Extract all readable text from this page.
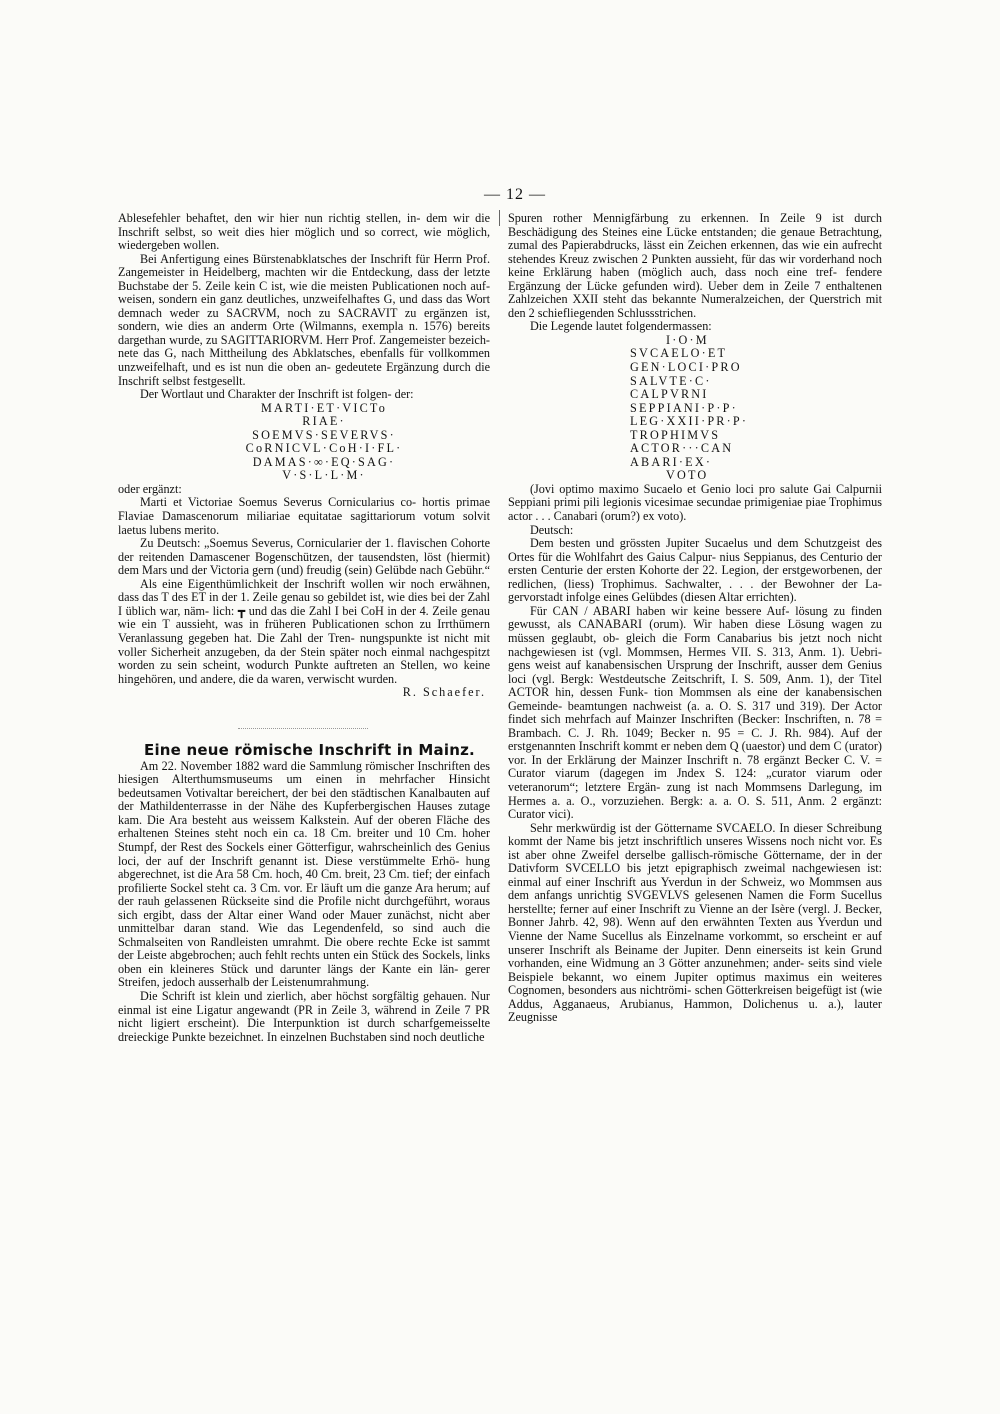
— 12 —

Ablesefehler behaftet, den wir hier nun richtig stellen, in- dem wir die Inschrift selbst, so weit dies hier möglich und so correct, wie möglich, wiedergeben wollen.

Bei Anfertigung eines Bürstenabklatsches der Inschrift für Herrn Prof. Zangemeister in Heidelberg, machten wir die Entdeckung, dass der letzte Buchstabe der 5. Zeile kein C ist, wie die meisten Publicationen noch auf- weisen, sondern ein ganz deutliches, unzweifelhaftes G, und dass das Wort demnach weder zu SACRVM, noch zu SACRAVIT zu ergänzen ist, sondern, wie dies an anderm Orte (Wilmanns, exempla n. 1576) bereits dargethan wurde, zu SAGITTARIORVM. Herr Prof. Zangemeister bezeich- nete das G, nach Mittheilung des Abklatsches, ebenfalls für vollkommen unzweifelhaft, und es ist nun die oben an- gedeutete Ergänzung durch die Inschrift selbst festgesellt.

Der Wortlaut und Charakter der Inschrift ist folgen- der:

MARTI·ET·VICTo
RIAE·
SOEMVS·SEVERVS·
CoRNICVL·CoH·I·FL·
DAMAS·∞·EQ·SAG·
V·S·L·L·M·

oder ergänzt:

Marti et Victoriae Soemus Severus Cornicularius co- hortis primae Flaviae Damascenorum miliariae equitatae sagittariorum votum solvit laetus lubens merito.

Zu Deutsch: „Soemus Severus, Cornicularier der 1. flavischen Cohorte der reitenden Damascener Bogenschützen, der tausendsten, löst (hiermit) dem Mars und der Victoria gern (und) freudig (sein) Gelübde nach Gebühr.“

Als eine Eigenthümlichkeit der Inschrift wollen wir noch erwähnen, dass das T des ET in der 1. Zeile genau so gebildet ist, wie dies bei der Zahl I üblich war, näm- lich: ┳ und das die Zahl I bei CoH in der 4. Zeile genau wie ein T aussieht, was in früheren Publicationen schon zu Irrthümern Veranlassung gegeben hat. Die Zahl der Tren- nungspunkte ist nicht mit voller Sicherheit anzugeben, da der Stein später noch einmal nachgespitzt worden zu sein scheint, wodurch Punkte auftreten an Stellen, wo keine hingehören, und andere, die da waren, verwischt wurden.

R. Schaefer.

Eine neue römische Inschrift in Mainz.

Am 22. November 1882 ward die Sammlung römischer Inschriften des hiesigen Alterthumsmuseums um einen in mehrfacher Hinsicht bedeutsamen Votivaltar bereichert, der bei den städtischen Kanalbauten auf der Mathildenterrasse in der Nähe des Kupferbergischen Hauses zutage kam. Die Ara besteht aus weissem Kalkstein. Auf der oberen Fläche des erhaltenen Steines steht noch ein ca. 18 Cm. breiter und 10 Cm. hoher Stumpf, der Rest des Sockels einer Götterfigur, wahrscheinlich des Genius loci, der auf der Inschrift genannt ist. Diese verstümmelte Erhö- hung abgerechnet, ist die Ara 58 Cm. hoch, 40 Cm. breit, 23 Cm. tief; der einfach profilierte Sockel steht ca. 3 Cm. vor. Er läuft um die ganze Ara herum; auf der rauh gelassenen Rückseite sind die Profile nicht durchgeführt, woraus sich ergibt, dass der Altar einer Wand oder Mauer zunächst, nicht aber unmittelbar daran stand. Wie das Legendenfeld, so sind auch die Schmalseiten von Randleisten umrahmt. Die obere rechte Ecke ist sammt der Leiste abgebrochen; auch fehlt rechts unten ein Stück des Sockels, links oben ein kleineres Stück und darunter längs der Kante ein län- gerer Streifen, jedoch ausserhalb der Leistenumrahmung.

Die Schrift ist klein und zierlich, aber höchst sorgfältig gehauen. Nur einmal ist eine Ligatur angewandt (PR in Zeile 3, während in Zeile 7 PR nicht ligiert erscheint). Die Interpunktion ist durch scharfgemeisselte dreieckige Punkte bezeichnet. In einzelnen Buchstaben sind noch deutliche

Spuren rother Mennigfärbung zu erkennen. In Zeile 9 ist durch Beschädigung des Steines eine Lücke entstanden; die genaue Betrachtung, zumal des Papierabdrucks, lässt ein Zeichen erkennen, das wie ein aufrecht stehendes Kreuz zwischen 2 Punkten aussieht, für das wir vorderhand noch keine Erklärung haben (möglich auch, dass noch eine tref- fendere Ergänzung der Lücke gefunden wird). Ueber dem in Zeile 7 enthaltenen Zahlzeichen XXII steht das bekannte Numeralzeichen, der Querstrich mit den 2 schiefliegenden Schlussstrichen.

Die Legende lautet folgendermassen:

I·O·M
SVCAELO·ET
GEN·LOCI·PRO
SALVTE·C·
CALPVRNI
SEPPIANI·P·P·
LEG·XXII·PR·P·
TROPHIMVS
ACTOR···CAN
ABARI·EX·
VOTO

(Jovi optimo maximo Sucaelo et Genio loci pro salute Gai Calpurnii Seppiani primi pili legionis vicesimae secundae primigeniae piae Trophimus actor . . . Canabari (orum?) ex voto).

Deutsch:

Dem besten und grössten Jupiter Sucaelus und dem Schutzgeist des Ortes für die Wohlfahrt des Gaius Calpur- nius Seppianus, des Centurio der ersten Centurie der ersten Kohorte der 22. Legion, der erstgeworbenen, der redlichen, (liess) Trophimus. Sachwalter, . . . der Bewohner der La- gervorstadt infolge eines Gelübdes (diesen Altar errichten).

Für CAN / ABARI haben wir keine bessere Auf- lösung zu finden gewusst, als CANABARI (orum). Wir haben diese Lösung wagen zu müssen geglaubt, ob- gleich die Form Canabarius bis jetzt noch nicht nachgewiesen ist (vgl. Mommsen, Hermes VII. S. 313, Anm. 1). Uebri- gens weist auf kanabensischen Ursprung der Inschrift, ausser dem Genius loci (vgl. Bergk: Westdeutsche Zeitschrift, I. S. 509, Anm. 1), der Titel ACTOR hin, dessen Funk- tion Mommsen als eine der kanabensischen Gemeinde- beamtungen nachweist (a. a. O. S. 317 und 319). Der Actor findet sich mehrfach auf Mainzer Inschriften (Becker: Inschriften, n. 78 = Brambach. C. J. Rh. 1049; Becker n. 95 = C. J. Rh. 984). Auf der erstgenannten Inschrift kommt er neben dem Q (uaestor) und dem C (urator) vor. In der Erklärung der Mainzer Inschrift n. 78 ergänzt Becker C. V. = Curator viarum (dagegen im Jndex S. 124: „curator viarum oder veteranorum“; letztere Ergän- zung ist nach Mommsens Darlegung, im Hermes a. a. O., vorzuziehen. Bergk: a. a. O. S. 511, Anm. 2 ergänzt: Curator vici).

Sehr merkwürdig ist der Göttername SVCAELO. In dieser Schreibung kommt der Name bis jetzt inschriftlich unseres Wissens noch nicht vor. Es ist aber ohne Zweifel derselbe gallisch-römische Göttername, der in der Dativform SVCELLO bis jetzt epigraphisch zweimal nachgewiesen ist: einmal auf einer Inschrift aus Yverdun in der Schweiz, wo Mommsen aus dem anfangs unrichtig SVGEVLVS gelesenen Namen die Form Sucellus herstellte; ferner auf einer Inschrift zu Vienne an der Isère (vergl. J. Becker, Bonner Jahrb. 42, 98). Wenn auf den erwähnten Texten aus Yverdun und Vienne der Name Sucellus als Einzelname vorkommt, so erscheint er auf unserer Inschrift als Beiname der Jupiter. Denn einerseits ist kein Grund vorhanden, eine Widmung an 3 Götter anzunehmen; ander- seits sind viele Beispiele bekannt, wo einem Jupiter optimus maximus ein weiteres Cognomen, besonders aus nichtrömi- schen Götterkreisen beigefügt ist (wie Addus, Agganaeus, Arubianus, Hammon, Dolichenus u. a.), lauter Zeugnisse
